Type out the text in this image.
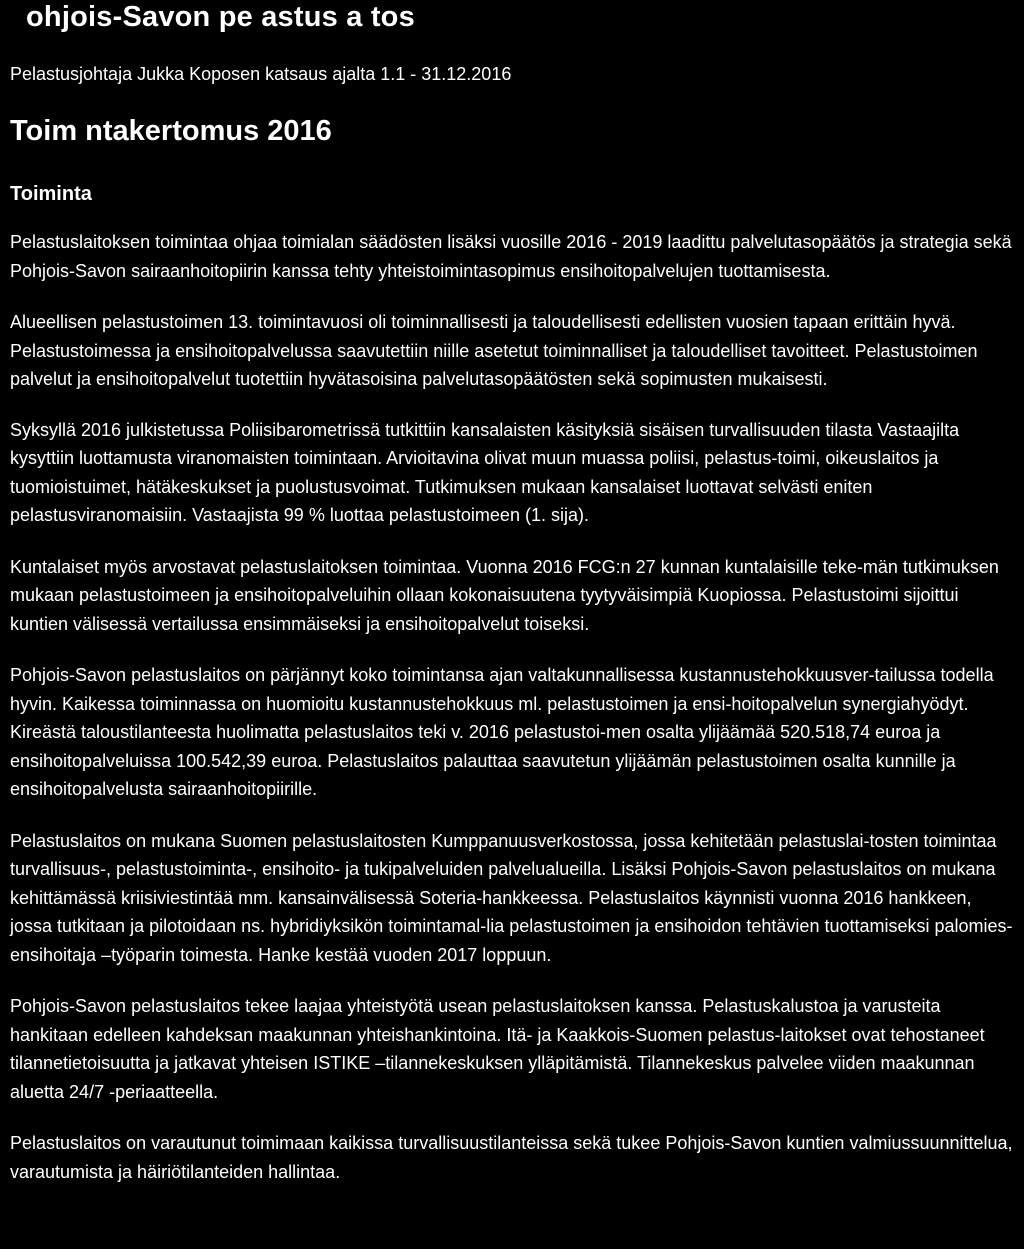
ohjois-Savon pe astus a tos
Pelastusjohtaja Jukka Koposen katsaus ajalta 1.1 - 31.12.2016
Toim ntakertomus 2016
Toiminta

Pelastuslaitoksen toimintaa ohjaa toimialan säädösten lisäksi vuosille 2016 - 2019 laadittu palvelutasopäätös ja strategia sekä Pohjois-Savon sairaanhoitopiirin kanssa tehty yhteistoimintasopimus ensihoitopalvelujen tuottamisesta.

Alueellisen pelastustoimen 13. toimintavuosi oli toiminnallisesti ja taloudellisesti edellisten vuosien tapaan erittäin hyvä. Pelastustoimessa ja ensihoitopalvelussa saavutettiin niille asetetut toiminnalliset ja taloudelliset tavoitteet. Pelastustoimen palvelut ja ensihoitopalvelut tuotettiin hyvätasoisina palvelutasopäätösten sekä sopimusten mukaisesti.

Syksyllä 2016 julkistetussa Poliisibarometrissä tutkittiin kansalaisten käsityksiä sisäisen turvallisuuden tilasta Vastaajilta kysyttiin luottamusta viranomaisten toimintaan. Arvioitavina olivat muun muassa poliisi, pelastus-toimi, oikeuslaitos ja tuomioistuimet, hätäkeskukset ja puolustusvoimat. Tutkimuksen mukaan kansalaiset luottavat selvästi eniten pelastusviranomaisiin. Vastaajista 99 % luottaa pelastustoimeen (1. sija).

Kuntalaiset myös arvostavat pelastuslaitoksen toimintaa. Vuonna 2016 FCG:n 27 kunnan kuntalaisille teke-män tutkimuksen mukaan pelastustoimeen ja ensihoitopalveluihin ollaan kokonaisuutena tyytyväisimpiä Kuopiossa. Pelastustoimi sijoittui kuntien välisessä vertailussa ensimmäiseksi ja ensihoitopalvelut toiseksi.

Pohjois-Savon pelastuslaitos on pärjännyt koko toimintansa ajan valtakunnallisessa kustannustehokkuusver-tailussa todella hyvin. Kaikessa toiminnassa on huomioitu kustannustehokkuus ml. pelastustoimen ja ensi-hoitopalvelun synergiahyödyt. Kireästä taloustilanteesta huolimatta pelastuslaitos teki v. 2016 pelastustoi-men osalta ylijäämää 520.518,74 euroa ja ensihoitopalveluissa 100.542,39 euroa. Pelastuslaitos palauttaa saavutetun ylijäämän pelastustoimen osalta kunnille ja ensihoitopalvelusta sairaanhoitopiirille.

Pelastuslaitos on mukana Suomen pelastuslaitosten Kumppanuusverkostossa, jossa kehitetään pelastuslai-tosten toimintaa turvallisuus-, pelastustoiminta-, ensihoito- ja tukipalveluiden palvelualueilla. Lisäksi Pohjois-Savon pelastuslaitos on mukana kehittämässä kriisiviestintää mm. kansainvälisessä Soteria-hankkeessa. Pelastuslaitos käynnisti vuonna 2016 hankkeen, jossa tutkitaan ja pilotoidaan ns. hybridiyksikön toimintamal-lia pelastustoimen ja ensihoidon tehtävien tuottamiseksi palomies-ensihoitaja –työparin toimesta. Hanke kestää vuoden 2017 loppuun.

Pohjois-Savon pelastuslaitos tekee laajaa yhteistyötä usean pelastuslaitoksen kanssa. Pelastuskalustoa ja varusteita hankitaan edelleen kahdeksan maakunnan yhteishankintoina. Itä- ja Kaakkois-Suomen pelastus-laitokset ovat tehostaneet tilannetietoisuutta ja jatkavat yhteisen ISTIKE –tilannekeskuksen ylläpitämistä. Tilannekeskus palvelee viiden maakunnan aluetta 24/7 -periaatteella.

Pelastuslaitos on varautunut toimimaan kaikissa turvallisuustilanteissa sekä tukee Pohjois-Savon kuntien valmiussuunnittelua, varautumista ja häiriötilanteiden hallintaa.
